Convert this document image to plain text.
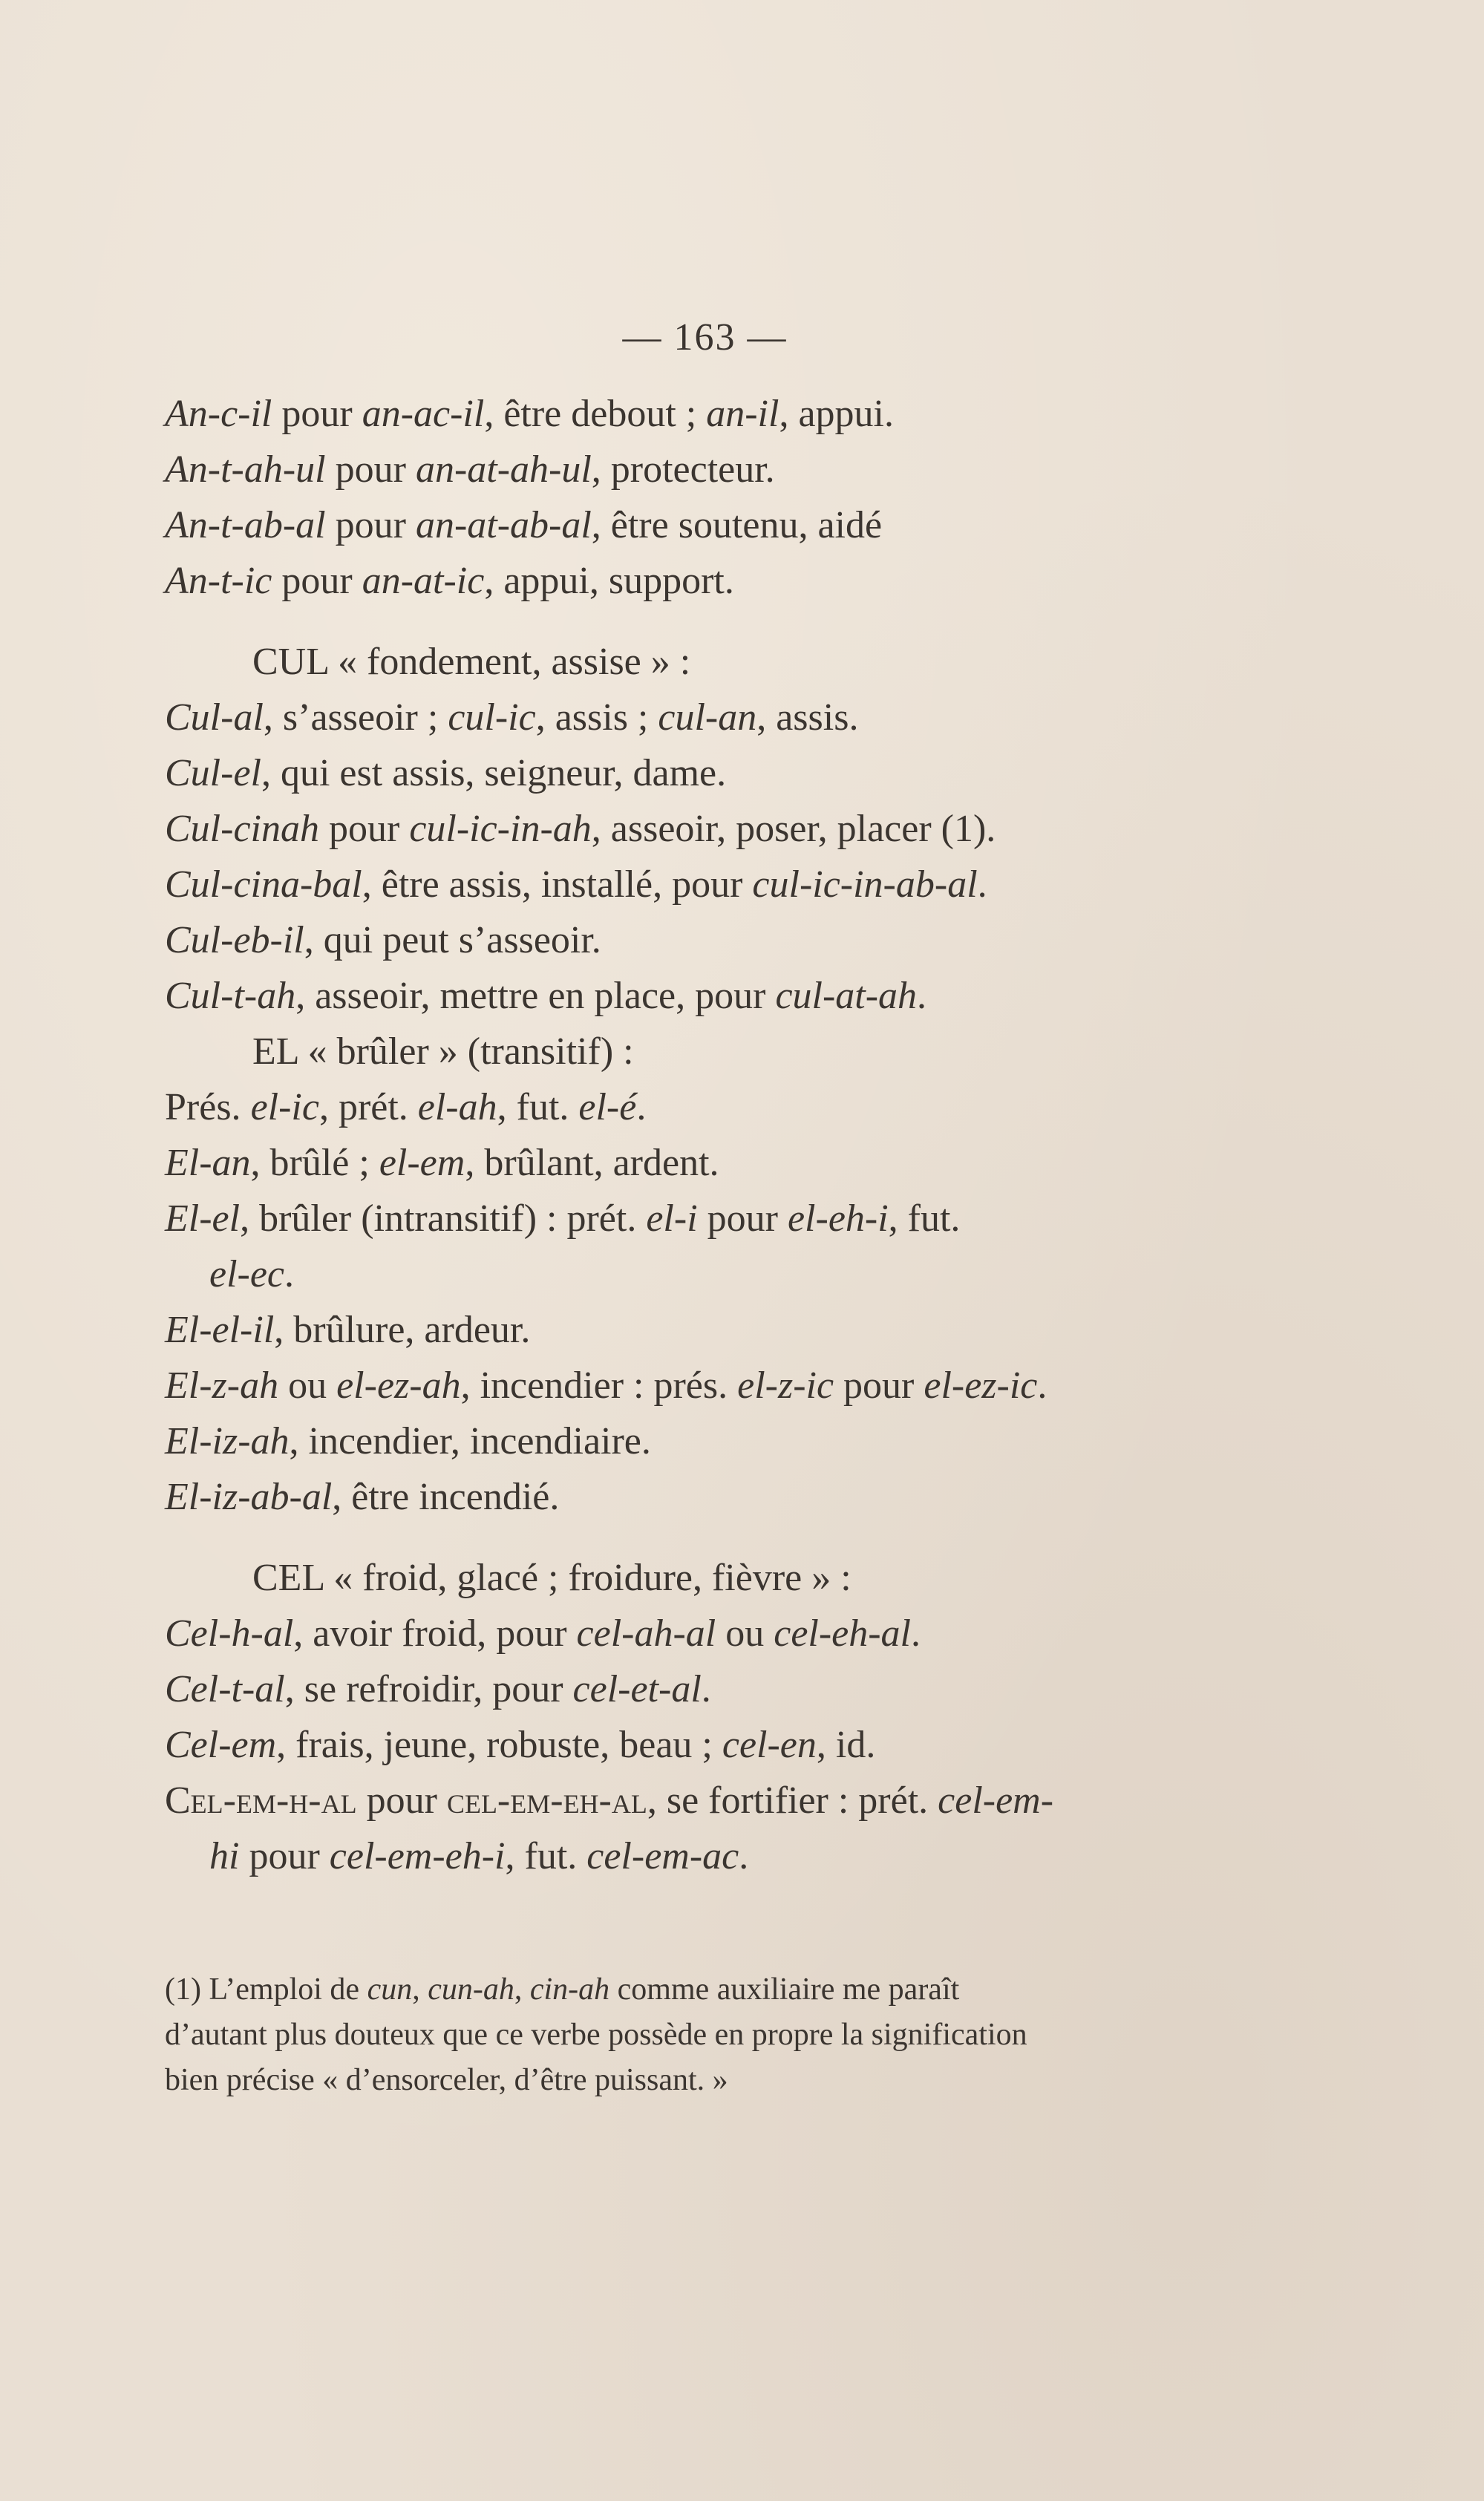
— 163 —
An-c-il pour an-ac-il, être debout ; an-il, appui.
An-t-ah-ul pour an-at-ah-ul, protecteur.
An-t-ab-al pour an-at-ab-al, être soutenu, aidé
An-t-ic pour an-at-ic, appui, support.
CUL « fondement, assise » :
Cul-al, s’asseoir ; cul-ic, assis ; cul-an, assis.
Cul-el, qui est assis, seigneur, dame.
Cul-cinah pour cul-ic-in-ah, asseoir, poser, placer (1).
Cul-cina-bal, être assis, installé, pour cul-ic-in-ab-al.
Cul-eb-il, qui peut s’asseoir.
Cul-t-ah, asseoir, mettre en place, pour cul-at-ah.
EL « brûler » (transitif) :
Prés. el-ic, prét. el-ah, fut. el-é.
El-an, brûlé ; el-em, brûlant, ardent.
El-el, brûler (intransitif) : prét. el-i pour el-eh-i, fut.
el-ec.
El-el-il, brûlure, ardeur.
El-z-ah ou el-ez-ah, incendier : prés. el-z-ic pour el-ez-ic.
El-iz-ah, incendier, incendiaire.
El-iz-ab-al, être incendié.
CEL « froid, glacé ; froidure, fièvre » :
Cel-h-al, avoir froid, pour cel-ah-al ou cel-eh-al.
Cel-t-al, se refroidir, pour cel-et-al.
Cel-em, frais, jeune, robuste, beau ; cel-en, id.
Cel-em-h-al pour cel-em-eh-al, se fortifier : prét. cel-em-
hi pour cel-em-eh-i, fut. cel-em-ac.
(1) L’emploi de cun, cun-ah, cin-ah comme auxiliaire me paraît
d’autant plus douteux que ce verbe possède en propre la signification
bien précise « d’ensorceler, d’être puissant. »
